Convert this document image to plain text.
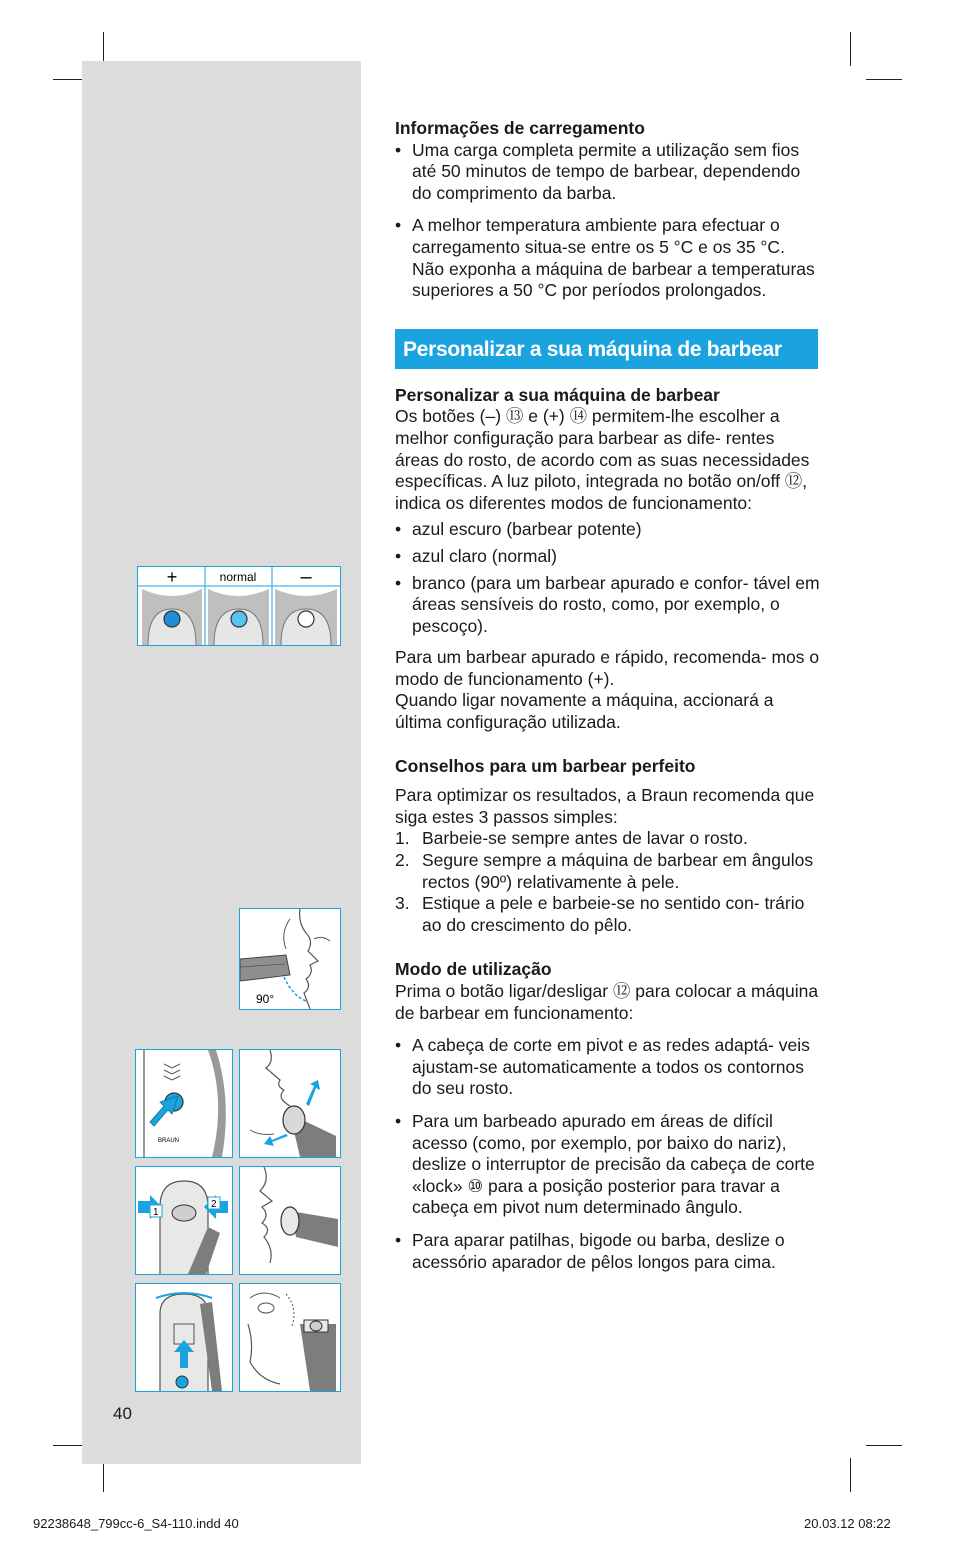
+	normal –
90°
BRAUN
1
2

Informações de carregamento

• Uma carga completa permite a utilização sem fios até 50 minutos de tempo de barbear, dependendo do comprimento da barba.

• A melhor temperatura ambiente para efectuar o carregamento situa-se entre os 5 °C e os 35 °C. Não exponha a máquina de barbear a temperaturas superiores a 50 °C por períodos prolongados.

Personalizar a sua máquina de barbear

Personalizar a sua máquina de barbear

Os botões (–) ⑬ e (+) ⑭ permitem-lhe escolher a melhor configuração para barbear as dife- rentes áreas do rosto, de acordo com as suas necessidades específicas. A luz piloto, integrada no botão on/off ⑫, indica os diferentes modos de funcionamento:

• azul escuro (barbear potente)

• azul claro (normal)

• branco (para um barbear apurado e confor- tável em áreas sensíveis do rosto, como, por exemplo, o pescoço).

Para um barbear apurado e rápido, recomenda- mos o modo de funcionamento (+).

Quando ligar novamente a máquina, accionará a última configuração utilizada.

Conselhos para um barbear perfeito

Para optimizar os resultados, a Braun recomenda que siga estes 3 passos simples:

1. Barbeie-se sempre antes de lavar o rosto.

2. Segure sempre a máquina de barbear em ângulos rectos (90º) relativamente à pele.

3. Estique a pele e barbeie-se no sentido con- trário ao do crescimento do pêlo.

Modo de utilização

Prima o botão ligar/desligar ⑫ para colocar a máquina de barbear em funcionamento:

• A cabeça de corte em pivot e as redes adaptá- veis ajustam-se automaticamente a todos os contornos do seu rosto.

• Para um barbeado apurado em áreas de difícil acesso (como, por exemplo, por baixo do nariz), deslize o interruptor de precisão da cabeça de corte «lock» ⑩ para a posição posterior para travar a cabeça em pivot num determinado ângulo.

• Para aparar patilhas, bigode ou barba, deslize o acessório aparador de pêlos longos para cima.

40
92238648_799cc-6_S4-110.indd 40	20.03.12 08:22
